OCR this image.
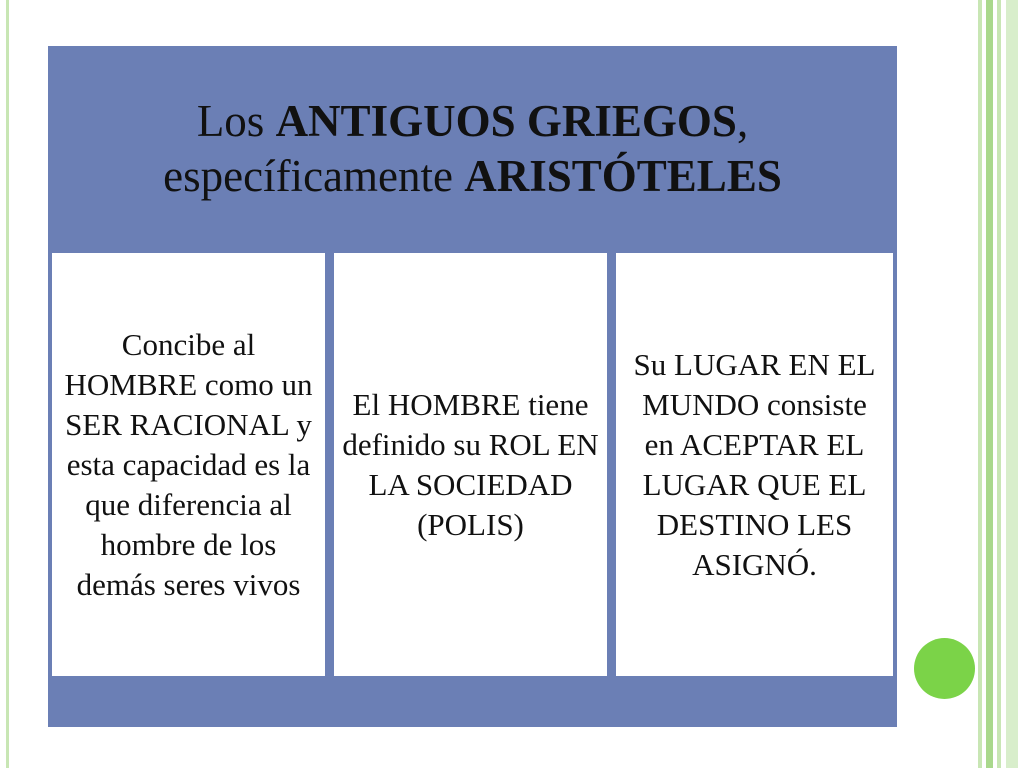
Los ANTIGUOS GRIEGOS,
específicamente ARISTÓTELES
Concibe al HOMBRE como un SER RACIONAL y esta capacidad es la que diferencia al hombre de los demás seres vivos
El HOMBRE tiene definido su ROL EN LA SOCIEDAD (POLIS)
Su LUGAR EN EL MUNDO consiste en ACEPTAR EL LUGAR QUE EL DESTINO LES ASIGNÓ.
